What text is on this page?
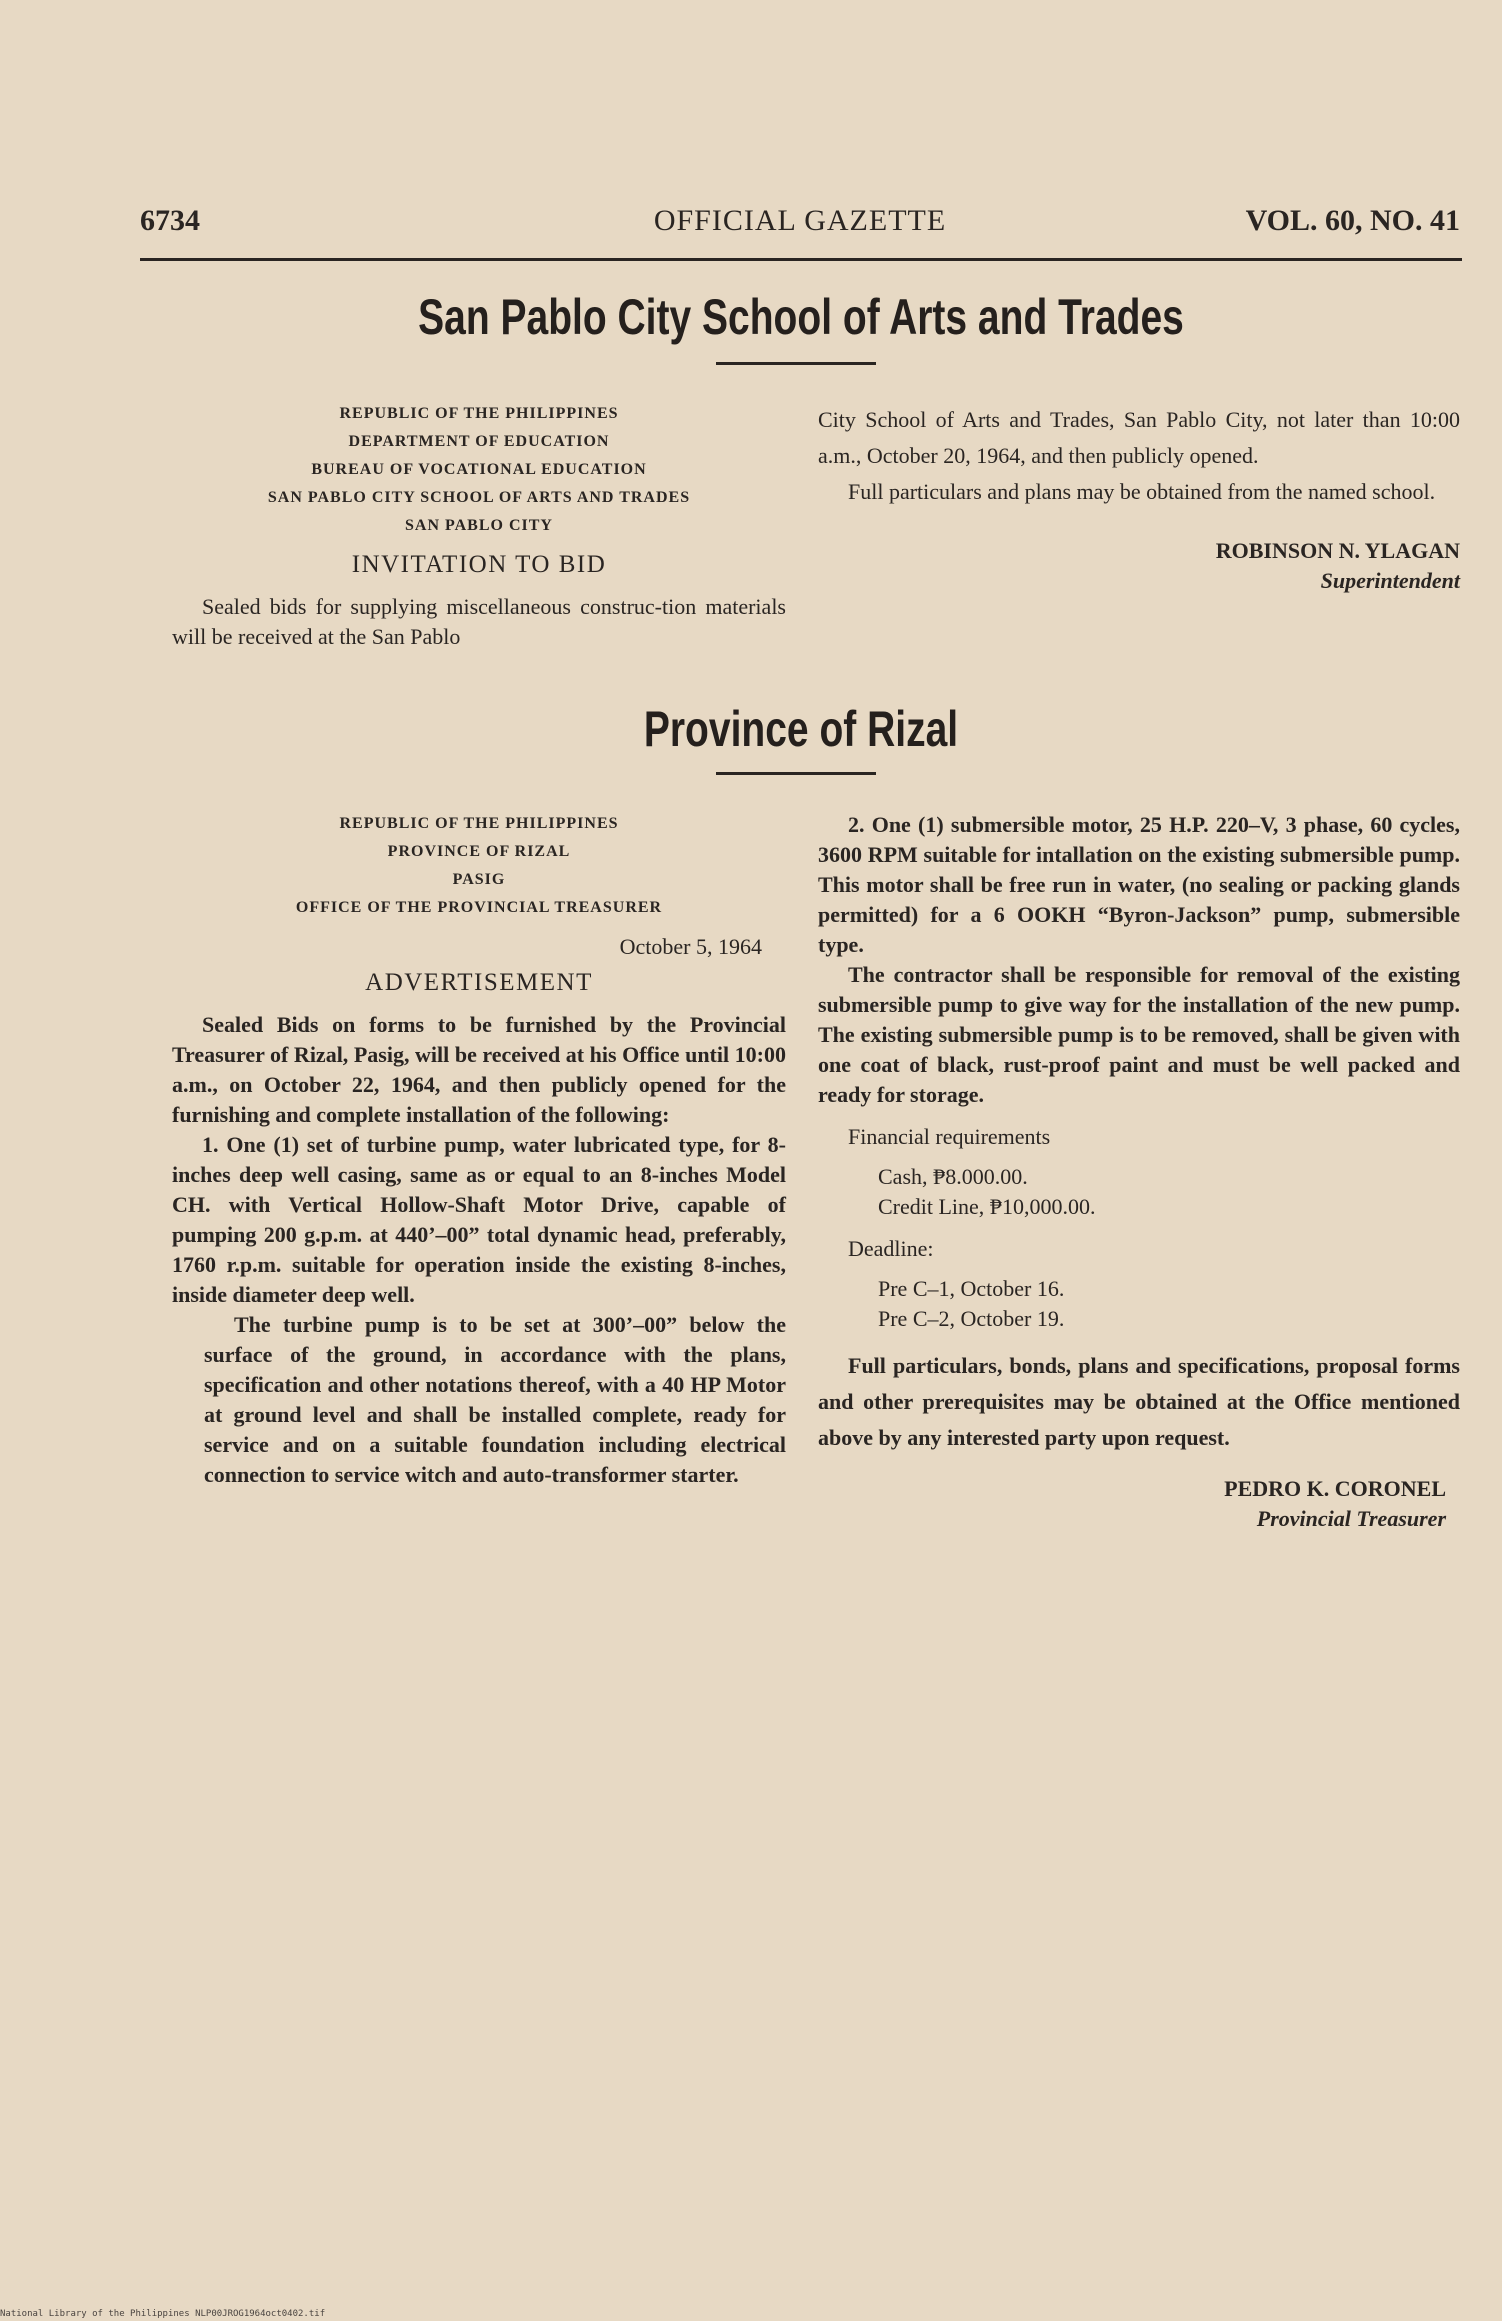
6734	OFFICIAL GAZETTE	VOL. 60, NO. 41
San Pablo City School of Arts and Trades
REPUBLIC OF THE PHILIPPINES
DEPARTMENT OF EDUCATION
BUREAU OF VOCATIONAL EDUCATION
SAN PABLO CITY SCHOOL OF ARTS AND TRADES
SAN PABLO CITY
INVITATION TO BID

Sealed bids for supplying miscellaneous construc-tion materials will be received at the San Pablo

City School of Arts and Trades, San Pablo City, not later than 10:00 a.m., October 20, 1964, and then publicly opened.

Full particulars and plans may be obtained from the named school.

ROBINSON N. YLAGAN
Superintendent
Province of Rizal
REPUBLIC OF THE PHILIPPINES
PROVINCE OF RIZAL
PASIG
OFFICE OF THE PROVINCIAL TREASURER
October 5, 1964
ADVERTISEMENT

Sealed Bids on forms to be furnished by the Provincial Treasurer of Rizal, Pasig, will be received at his Office until 10:00 a.m., on October 22, 1964, and then publicly opened for the furnishing and complete installation of the following:

1. One (1) set of turbine pump, water lubricated type, for 8-inches deep well casing, same as or equal to an 8-inches Model CH. with Vertical Hollow-Shaft Motor Drive, capable of pumping 200 g.p.m. at 440’–00” total dynamic head, preferably, 1760 r.p.m. suitable for operation inside the existing 8-inches, inside diameter deep well.

The turbine pump is to be set at 300’–00” below the surface of the ground, in accordance with the plans, specification and other notations thereof, with a 40 HP Motor at ground level and shall be installed complete, ready for service and on a suitable foundation including electrical connection to service witch and auto-transformer starter.

2. One (1) submersible motor, 25 H.P. 220–V, 3 phase, 60 cycles, 3600 RPM suitable for intallation on the existing submersible pump. This motor shall be free run in water, (no sealing or packing glands permitted) for a 6 OOKH “Byron-Jackson” pump, submersible type.

The contractor shall be responsible for removal of the existing submersible pump to give way for the installation of the new pump. The existing submersible pump is to be removed, shall be given with one coat of black, rust-proof paint and must be well packed and ready for storage.

Financial requirements

Cash, ₱8.000.00.

Credit Line, ₱10,000.00.

Deadline:

Pre C–1, October 16.

Pre C–2, October 19.

Full particulars, bonds, plans and specifications, proposal forms and other prerequisites may be obtained at the Office mentioned above by any interested party upon request.

PEDRO K. CORONEL
Provincial Treasurer
National Library of the Philippines NLP00JROG1964oct0402.tif
